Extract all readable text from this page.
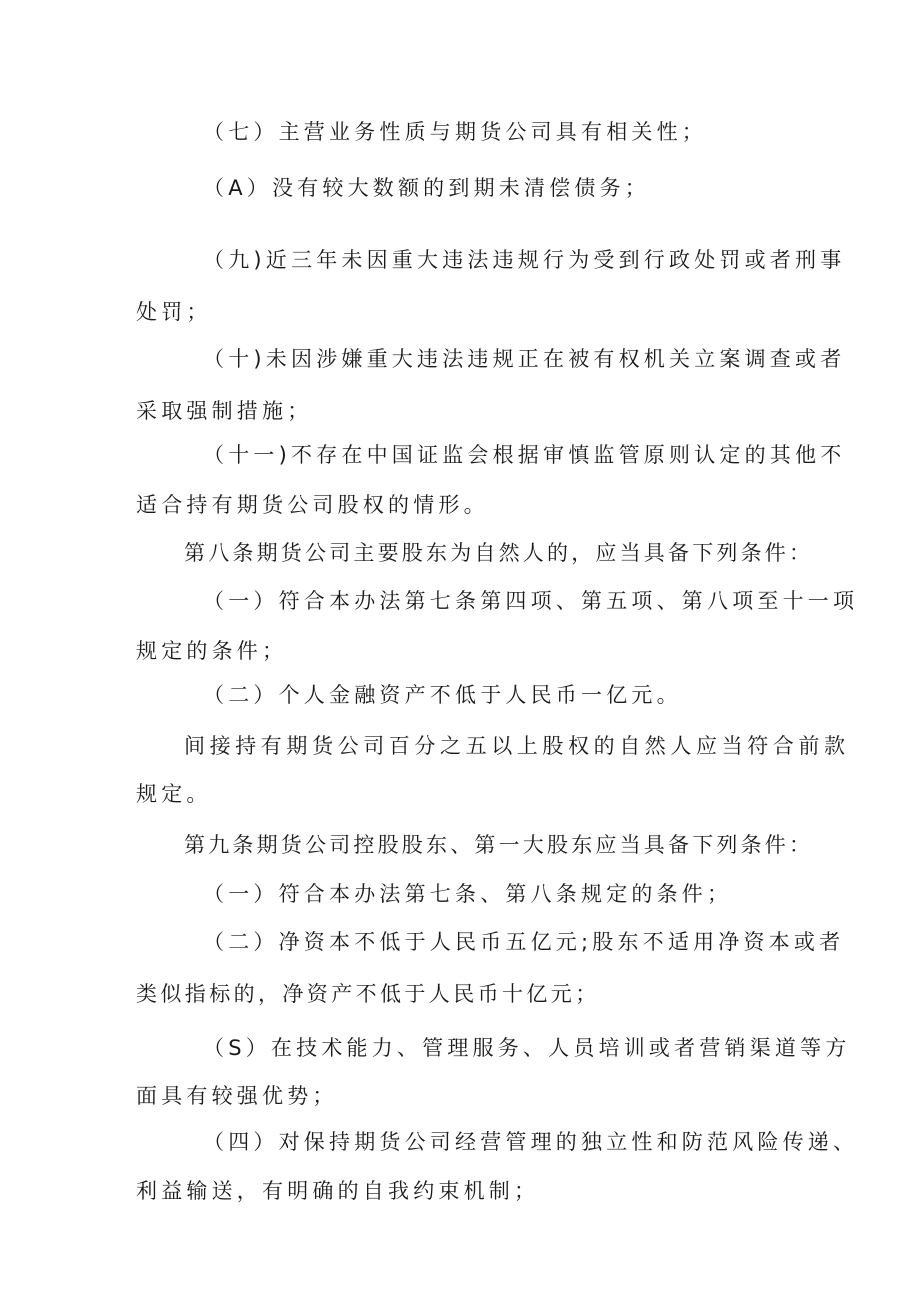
（七）主营业务性质与期货公司具有相关性；
（A）没有较大数额的到期未清偿债务；
（九)近三年未因重大违法违规行为受到行政处罚或者刑事
处罚；
（十)未因涉嫌重大违法违规正在被有权机关立案调查或者
采取强制措施；
（十一)不存在中国证监会根据审慎监管原则认定的其他不
适合持有期货公司股权的情形。
第八条期货公司主要股东为自然人的，应当具备下列条件：
（一）符合本办法第七条第四项、第五项、第八项至十一项
规定的条件；
（二）个人金融资产不低于人民币一亿元。
间接持有期货公司百分之五以上股权的自然人应当符合前款
规定。
第九条期货公司控股股东、第一大股东应当具备下列条件：
（一）符合本办法第七条、第八条规定的条件；
（二）净资本不低于人民币五亿元;股东不适用净资本或者
类似指标的，净资产不低于人民币十亿元；
（S）在技术能力、管理服务、人员培训或者营销渠道等方
面具有较强优势；
（四）对保持期货公司经营管理的独立性和防范风险传递、
利益输送，有明确的自我约束机制；
